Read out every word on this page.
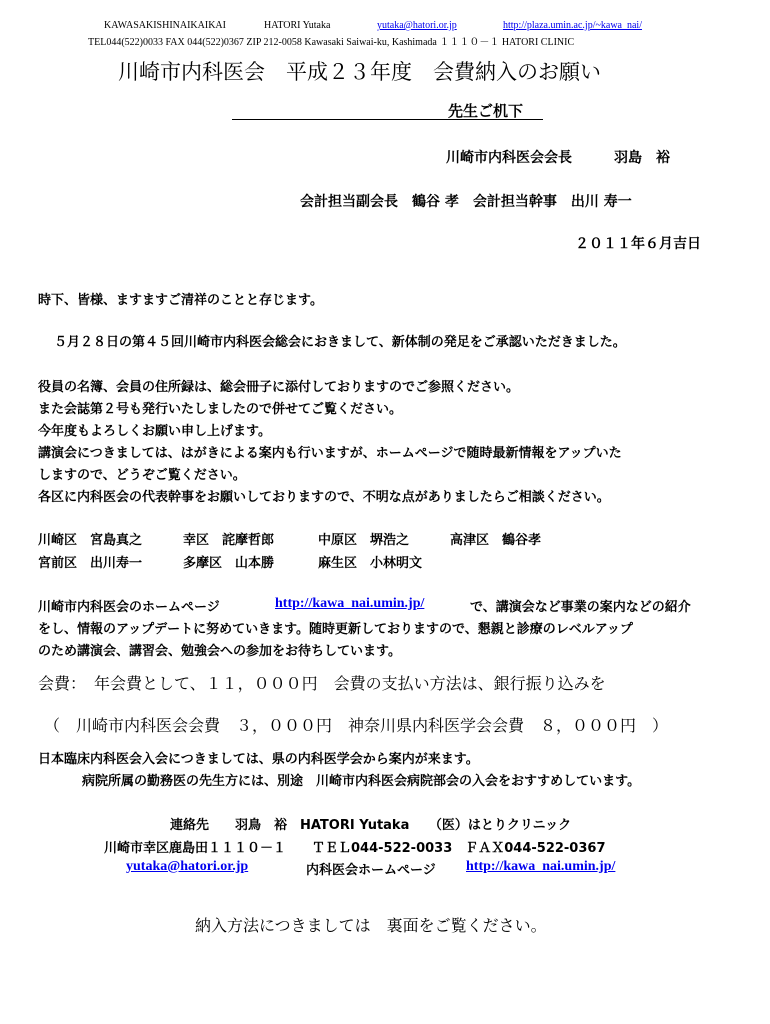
KAWASAKISHINAIKAIKAI	HATORI Yutaka	yutaka@hatori.or.jp	http://plaza.umin.ac.jp/~kawa_nai/
TEL044(522)0033 FAX 044(522)0367 ZIP 212-0058 Kawasaki Saiwai-ku, Kashimada １１１０－１ HATORI CLINIC
川崎市内科医会　平成２３年度　会費納入のお願い
先生ご机下
川崎市内科医会会長　　　羽島　裕
会計担当副会長　鶴谷 孝　会計担当幹事　出川 寿一
２０１１年６月吉日
時下、皆様、ますますご清祥のことと存じます。
５月２８日の第４５回川崎市内科医会総会におきまして、新体制の発足をご承認いただきました。
役員の名簿、会員の住所録は、総会冊子に添付しておりますのでご参照ください。
また会誌第２号も発行いたしましたので併せてご覧ください。
今年度もよろしくお願い申し上げます。
講演会につきましては、はがきによる案内も行いますが、ホームページで随時最新情報をアップいた
しますので、どうぞご覧ください。
各区に内科医会の代表幹事をお願いしておりますので、不明な点がありましたらご相談ください。
川崎区　宮島真之	幸区　詫摩哲郎	中原区　堺浩之	高津区　鶴谷孝
宮前区　出川寿一	多摩区　山本勝	麻生区　小林明文
川崎市内科医会のホームページ	http://kawa_nai.umin.jp/	で、講演会など事業の案内などの紹介
をし、情報のアップデートに努めていきます。随時更新しておりますので、懇親と診療のレベルアップ
のため講演会、講習会、勉強会への参加をお待ちしています。
会費：　年会費として、１１，０００円　会費の支払い方法は、銀行振り込みを
（　川崎市内科医会会費　３，０００円　神奈川県内科医学会会費　８，０００円　）
日本臨床内科医会入会につきましては、県の内科医学会から案内が来ます。
病院所属の勤務医の先生方には、別途　川崎市内科医会病院部会の入会をおすすめしています。
連絡先　　羽鳥　裕　HATORI Yutaka　　（医）はとりクリニック
川崎市幸区鹿島田１１１０－１　　ＴＥＬ044-522-0033　ＦＡＸ044-522-0367
yutaka@hatori.or.jp	内科医会ホームページ http://kawa_nai.umin.jp/
納入方法につきましては　裏面をご覧ください。
